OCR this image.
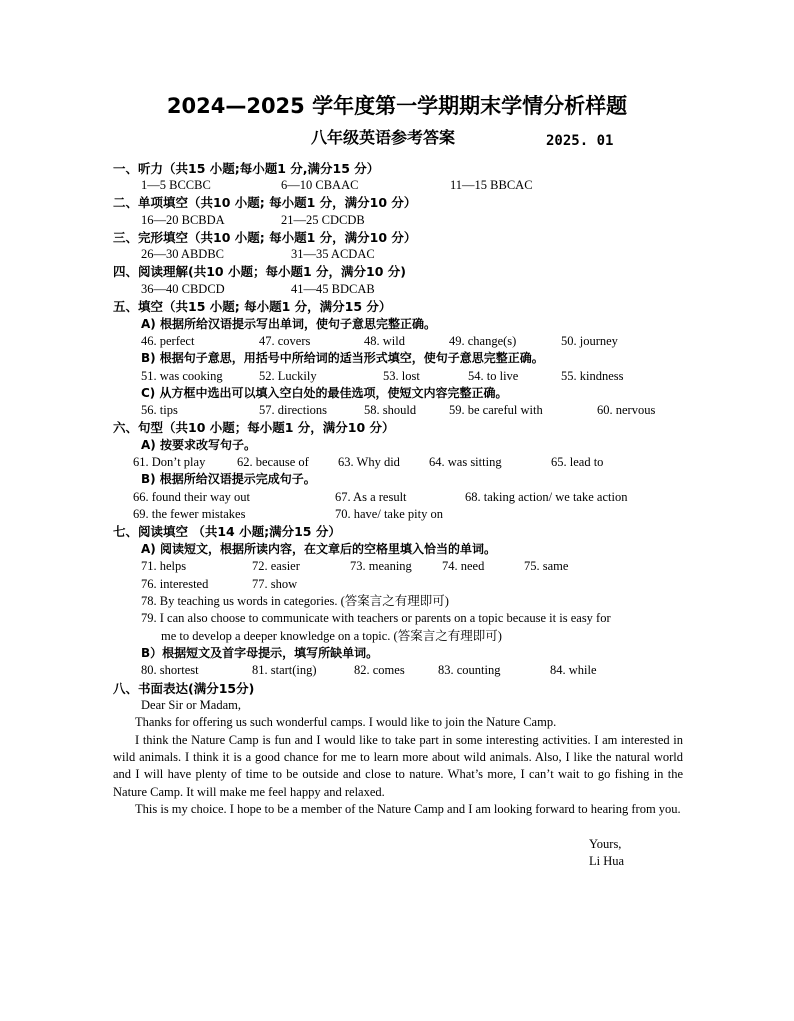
2024—2025 学年度第一学期期末学情分析样题
八年级英语参考答案	2025. 01
一、听力（共15 小题;每小题1 分,满分15 分）
1—5 BCCBC	6—10 CBAAC	11—15 BBCAC
二、单项填空（共10 小题; 每小题1 分，满分10 分）
16—20 BCBDA	21—25 CDCDB
三、完形填空（共10 小题; 每小题1 分，满分10 分）
26—30 ABDBC	31—35 ACDAC
四、阅读理解(共10 小题；每小题1 分，满分10 分)
36—40 CBDCD	41—45 BDCAB
五、填空（共15 小题; 每小题1 分，满分15 分）
A) 根据所给汉语提示写出单词，使句子意思完整正确。
46. perfect	47. covers	48. wild	49. change(s)	50. journey
B) 根据句子意思，用括号中所给词的适当形式填空，使句子意思完整正确。
51. was cooking	52. Luckily	53. lost	54. to live	55. kindness
C) 从方框中选出可以填入空白处的最佳选项，使短文内容完整正确。
56. tips	57. directions	58. should	59. be careful with	60. nervous
六、句型（共10 小题；每小题1 分，满分10 分）
A) 按要求改写句子。
61. Don’t play	62. because of 63. Why did 64. was sitting	65. lead to
B) 根据所给汉语提示完成句子。
66. found their way out	67. As a result	68. taking action/ we take action
69. the fewer mistakes	70. have/ take pity on
七、阅读填空 （共14 小题;满分15 分）
A) 阅读短文，根据所读内容，在文章后的空格里填入恰当的单词。
71. helps	72. easier	73. meaning 74. need	75. same
76. interested	77. show
78. By teaching us words in categories. (答案言之有理即可)
79. I can also choose to communicate with teachers or parents on a topic because it is easy for
me to develop a deeper knowledge on a topic. (答案言之有理即可)
B）根据短文及首字母提示，填写所缺单词。
80. shortest	81. start(ing)	82. comes	83. counting	84. while
八、书面表达(满分15分)
Dear Sir or Madam,
Thanks for offering us such wonderful camps. I would like to join the Nature Camp.
I think the Nature Camp is fun and I would like to take part in some interesting activities. I am interested in wild animals. I think it is a good chance for me to learn more about wild animals. Also, I like the natural world and I will have plenty of time to be outside and close to nature. What’s more, I can’t wait to go fishing in the Nature Camp. It will make me feel happy and relaxed.
This is my choice. I hope to be a member of the Nature Camp and I am looking forward to hearing from you.
Yours,
Li Hua
